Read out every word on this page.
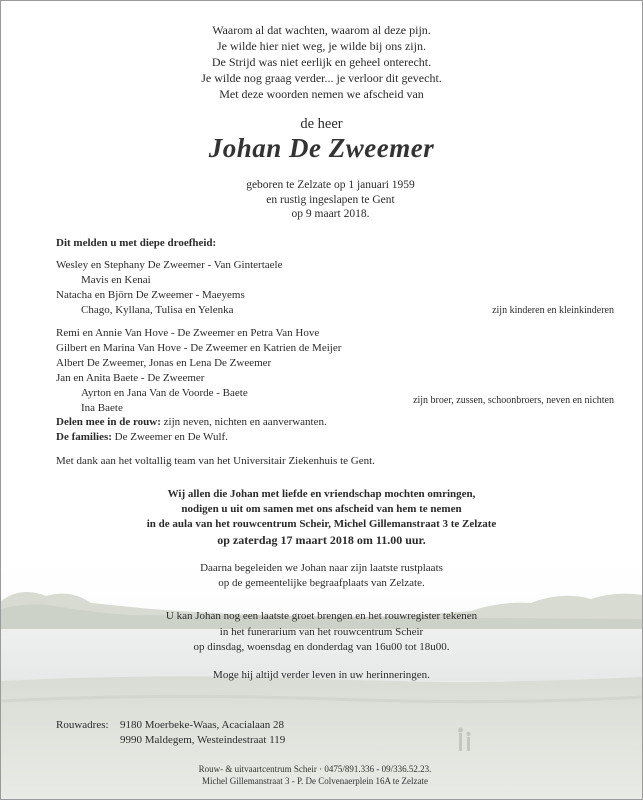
Waarom al dat wachten, waarom al deze pijn.
Je wilde hier niet weg, je wilde bij ons zijn.
De Strijd was niet eerlijk en geheel onterecht.
Je wilde nog graag verder... je verloor dit gevecht.
Met deze woorden nemen we afscheid van
de heer
Johan De Zweemer
geboren te Zelzate op 1 januari 1959
en rustig ingeslapen te Gent
op 9 maart 2018.
Dit melden u met diepe droefheid:
Wesley en Stephany De Zweemer - Van Gintertaele
Mavis en Kenai
Natacha en Björn De Zweemer - Maeyems
Chago, Kyllana, Tulisa en Yelenka	zijn kinderen en kleinkinderen
Remi en Annie Van Hove - De Zweemer en Petra Van Hove
Gilbert en Marina Van Hove - De Zweemer en Katrien de Meijer
Albert De Zweemer, Jonas en Lena De Zweemer
Jan en Anita Baete - De Zweemer
Ayrton en Jana Van de Voorde - Baete
Ina Baete
zijn broer, zussen, schoonbroers, neven en nichten
Delen mee in de rouw: zijn neven, nichten en aanverwanten.
De families: De Zweemer en De Wulf.
Met dank aan het voltallig team van het Universitair Ziekenhuis te Gent.
Wij allen die Johan met liefde en vriendschap mochten omringen,
nodigen u uit om samen met ons afscheid van hem te nemen
in de aula van het rouwcentrum Scheir, Michel Gillemanstraat 3 te Zelzate
op zaterdag 17 maart 2018 om 11.00 uur.
Daarna begeleiden we Johan naar zijn laatste rustplaats
op de gemeentelijke begraafplaats van Zelzate.
U kan Johan nog een laatste groet brengen en het rouwregister tekenen
in het funerarium van het rouwcentrum Scheir
op dinsdag, woensdag en donderdag van 16u00 tot 18u00.
Moge hij altijd verder leven in uw herinneringen.
Rouwadres: 9180 Moerbeke-Waas, Acacialaan 28
9990 Maldegem, Westeindestraat 119
Rouw- & uitvaartcentrum Scheir · 0475/891.336 - 09/336.52.23.
Michel Gillemanstraat 3 - P. De Colvenaerplein 16A te Zelzate
